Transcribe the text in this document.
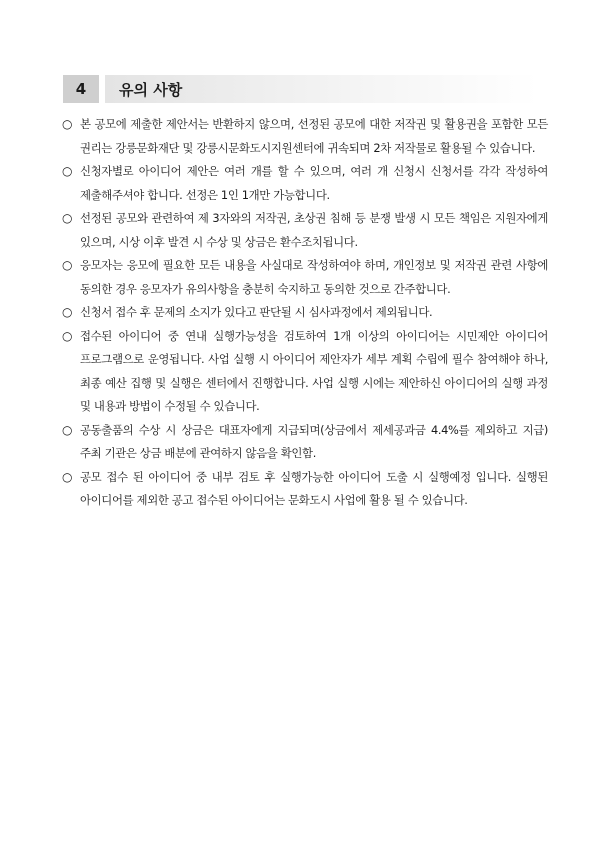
4	유의 사항
○ 본 공모에 제출한 제안서는 반환하지 않으며, 선정된 공모에 대한 저작권 및 활용권을 포함한 모든 권리는 강릉문화재단 및 강릉시문화도시지원센터에 귀속되며 2차 저작물로 활용될 수 있습니다.
○ 신청자별로 아이디어 제안은 여러 개를 할 수 있으며, 여러 개 신청시 신청서를 각각 작성하여 제출해주셔야 합니다. 선정은 1인 1개만 가능합니다.
○ 선정된 공모와 관련하여 제 3자와의 저작권, 초상권 침해 등 분쟁 발생 시 모든 책임은 지원자에게 있으며, 시상 이후 발견 시 수상 및 상금은 환수조치됩니다.
○ 응모자는 응모에 필요한 모든 내용을 사실대로 작성하여야 하며, 개인정보 및 저작권 관련 사항에 동의한 경우 응모자가 유의사항을 충분히 숙지하고 동의한 것으로 간주합니다.
○ 신청서 접수 후 문제의 소지가 있다고 판단될 시 심사과정에서 제외됩니다.
○ 접수된 아이디어 중 연내 실행가능성을 검토하여 1개 이상의 아이디어는 시민제안 아이디어 프로그램으로 운영됩니다. 사업 실행 시 아이디어 제안자가 세부 계획 수립에 필수 참여해야 하나, 최종 예산 집행 및 실행은 센터에서 진행합니다. 사업 실행 시에는 제안하신 아이디어의 실행 과정 및 내용과 방법이 수정될 수 있습니다.
○ 공동출품의 수상 시 상금은 대표자에게 지급되며(상금에서 제세공과금 4.4%를 제외하고 지급) 주최 기관은 상금 배분에 관여하지 않음을 확인함.
○ 공모 접수 된 아이디어 중 내부 검토 후 실행가능한 아이디어 도출 시 실행예정 입니다. 실행된 아이디어를 제외한 공고 접수된 아이디어는 문화도시 사업에 활용 될 수 있습니다.
